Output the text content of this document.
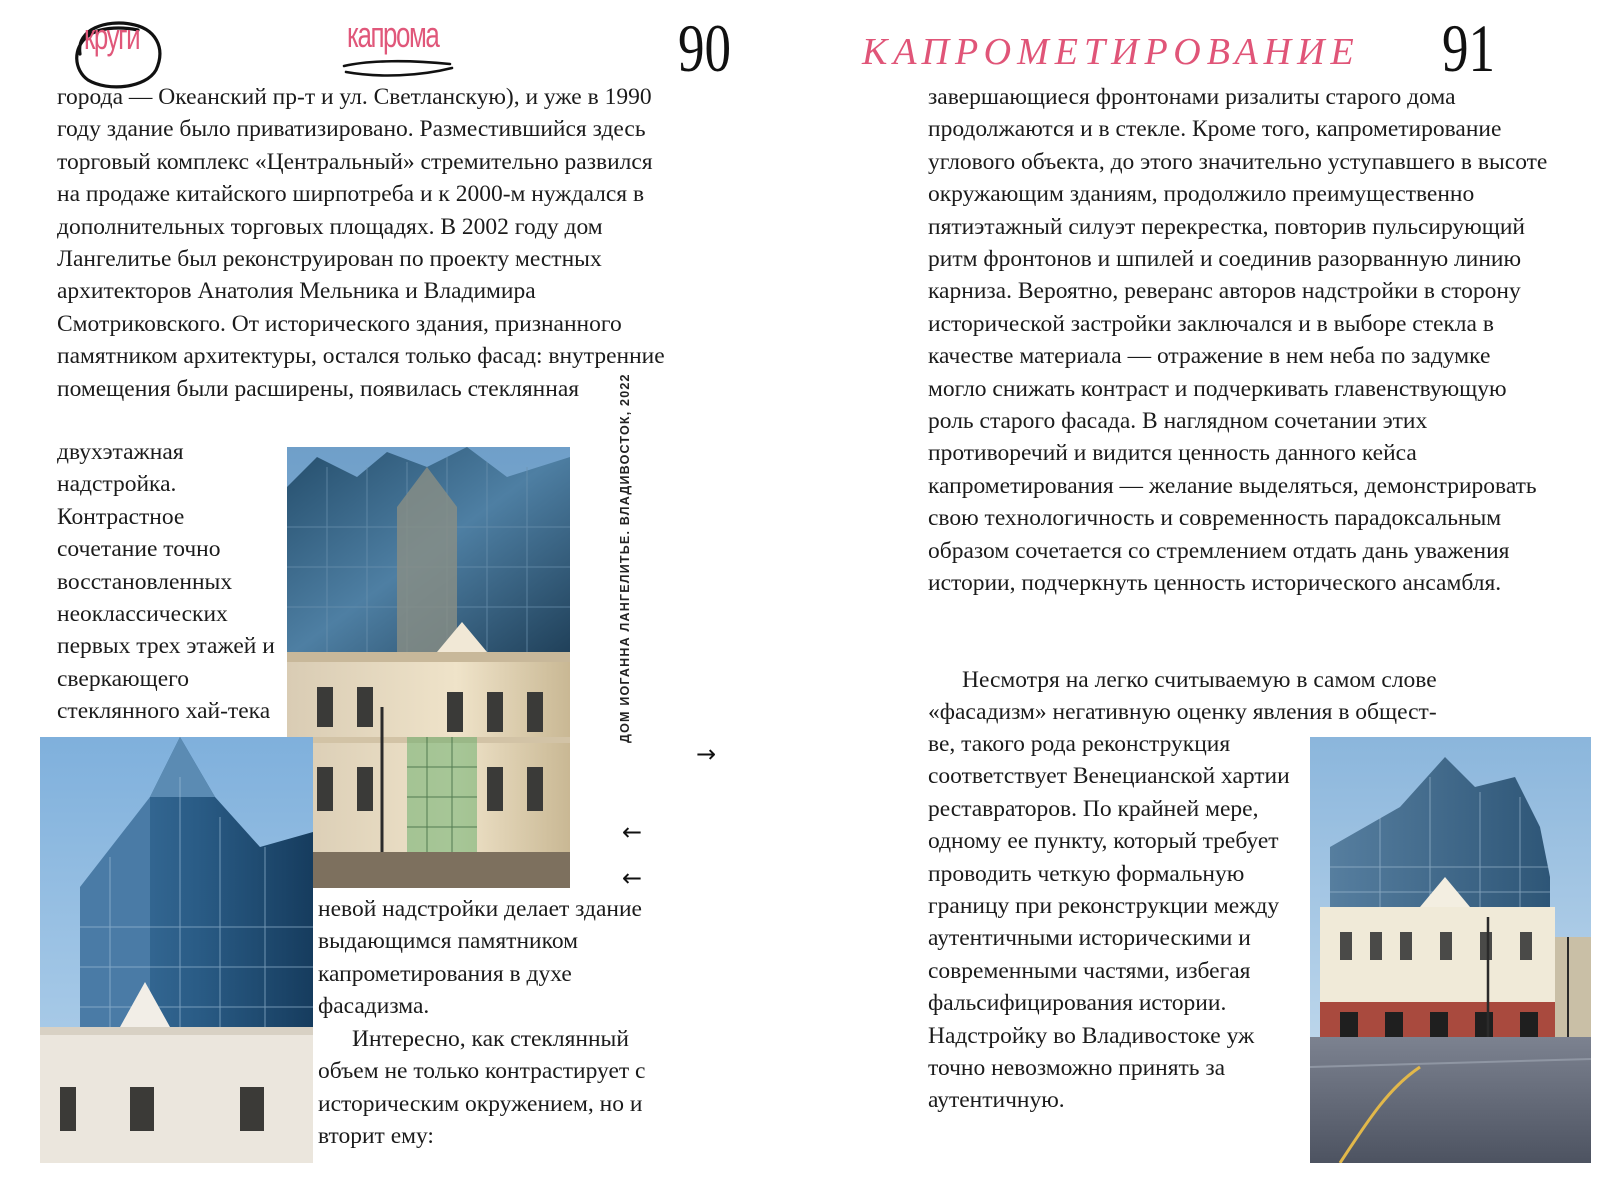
круги	капрома	90

города — Океанский пр-т и ул. Светланскую), и уже в 1990 году здание было приватизировано. Разместившийся здесь торговый комплекс «Центральный» стремительно развился на продаже китайского ширпотреба и к 2000-м нуждался в дополнительных торговых площадях. В 2002 году дом Лангелитье был реконструирован по проекту местных архитекторов Анатолия Мельника и Владимира Смотриковского. От исторического здания, признанного памятником архитектуры, остался только фасад: внутренние помещения были расширены, появилась стеклянная

двухэтажная надстройка. Контрастное сочетание точно восстановленных неоклассических первых трех этажей и сверкающего стеклянного хай-тека	ДОМ ИОГАННА ЛАНГЕЛИТЬЕ. ВЛАДИВОСТОК, 2022
→
←
←

невой надстройки делает здание выдающимся памятником капрометирования в духе фасадизма.

Интересно, как стеклянный объем не только контрастирует с историческим окружением, но и вторит ему:

КАПРОМЕТИРОВАНИЕ 91

завершающиеся фронтонами ризалиты старого дома продолжаются и в стекле. Кроме того, капрометирование углового объекта, до этого значительно уступавшего в высоте окружающим зданиям, продолжило преимущественно пятиэтажный силуэт перекрестка, повторив пульсирующий ритм фронтонов и шпилей и соединив разорванную линию карниза. Вероятно, реверанс авторов надстройки в сторону исторической застройки заключался и в выборе стекла в качестве материала — отражение в нем неба по задумке могло снижать контраст и подчеркивать главенствующую роль старого фасада. В наглядном сочетании этих противоречий и видится ценность данного кейса капрометирования — желание выделяться, демонстрировать свою технологичность и современность парадоксальным образом сочетается со стремлением отдать дань уважения истории, подчеркнуть ценность исторического ансамбля.

Несмотря на легко считываемую в самом слове «фасадизм» негативную оценку явления в общест-

ве, такого рода реконструкция соответствует Венецианской хартии реставраторов. По крайней мере, одному ее пункту, который требует проводить четкую формальную границу при реконструкции между аутентичными историческими и современными частями, избегая фальсифицирования истории. Надстройку во Владивостоке уж точно невозможно принять за аутентичную.
